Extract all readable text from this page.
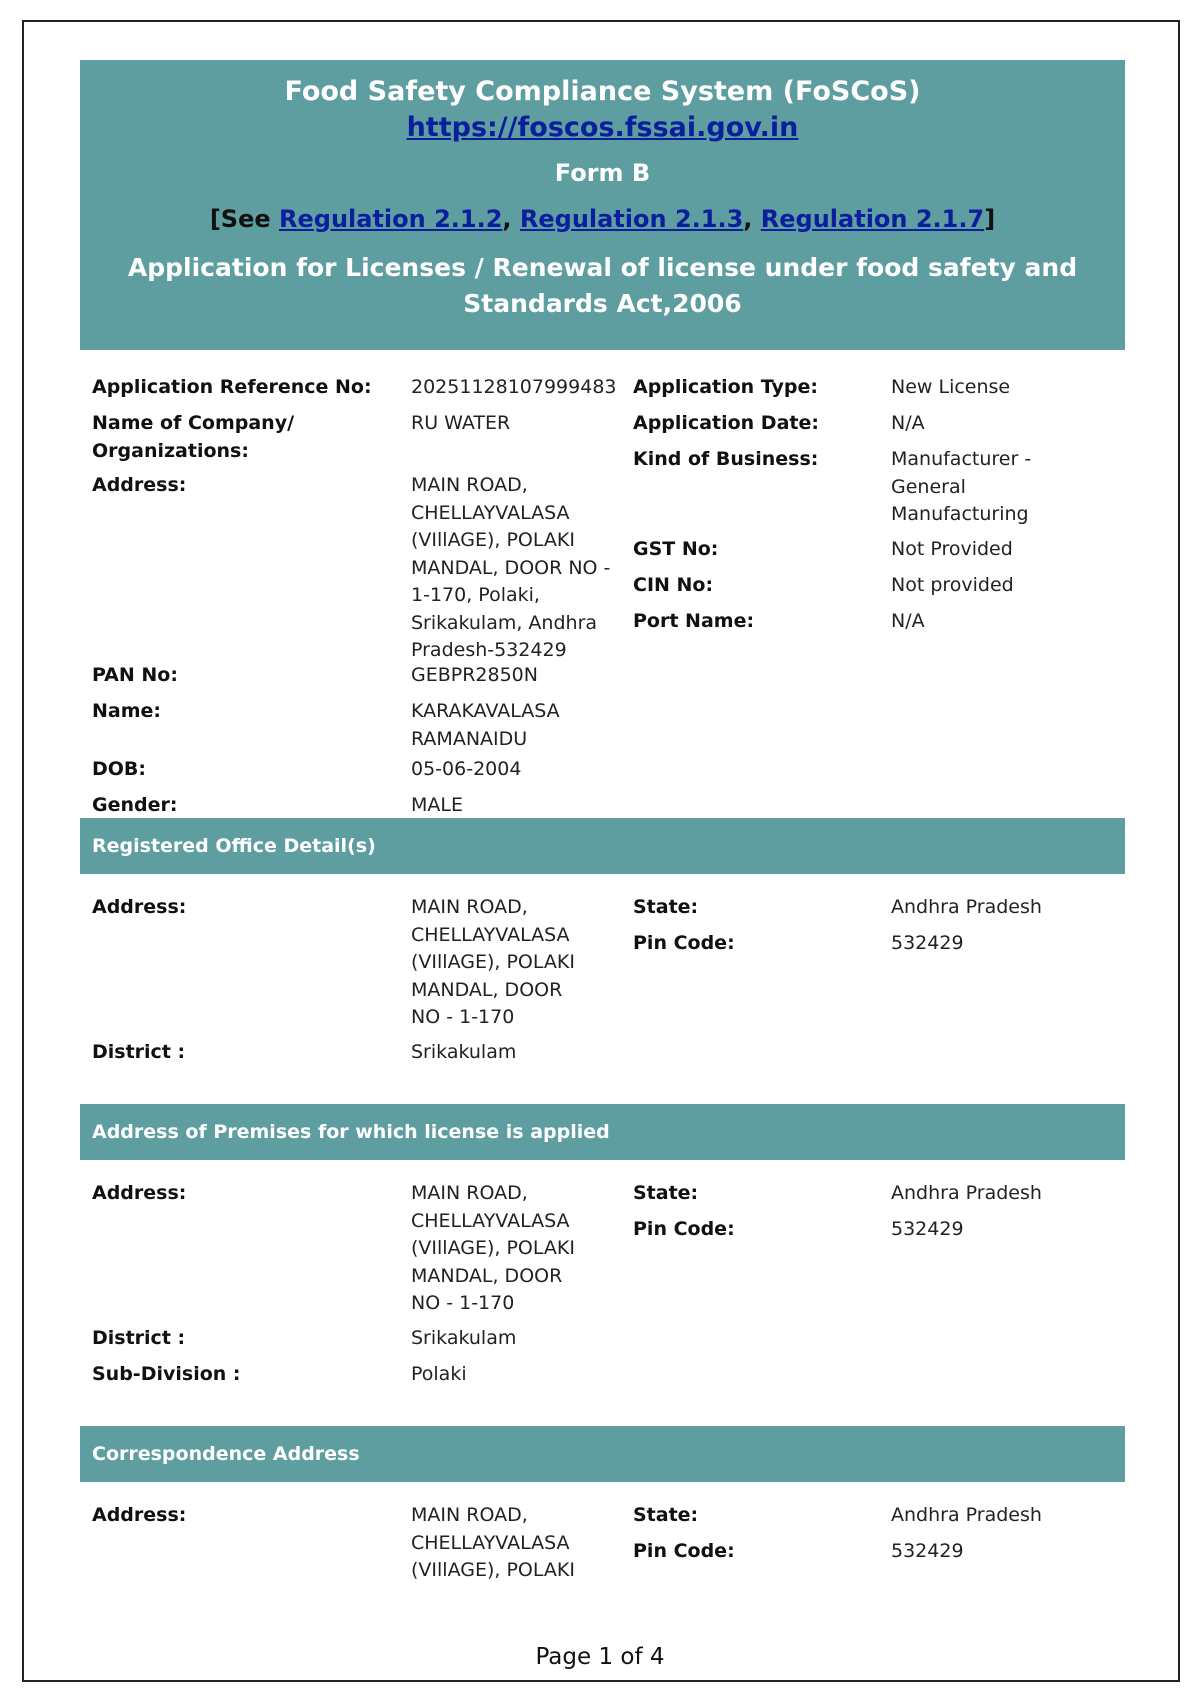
Food Safety Compliance System (FoSCoS)
https://foscos.fssai.gov.in
Form B
[See Regulation 2.1.2, Regulation 2.1.3, Regulation 2.1.7]
Application for Licenses / Renewal of license under food safety and Standards Act,2006
Application Reference No:	20251128107999483
Name of Company/ Organizations:
RU WATER
Address:	MAIN ROAD, CHELLAYVALASA (VIllAGE), POLAKI MANDAL, DOOR NO - 1-170, Polaki, Srikakulam, Andhra Pradesh-532429
PAN No:	GEBPR2850N
Name:	KARAKAVALASA RAMANAIDU
DOB:	05-06-2004
Gender:	MALE
Application Type:	New License
Application Date:	N/A
Kind of Business:	Manufacturer - General Manufacturing
GST No:	Not Provided
CIN No:	Not provided
Port Name:	N/A
Registered Office Detail(s)
Address:	MAIN ROAD, CHELLAYVALASA (VIllAGE), POLAKI MANDAL, DOOR NO - 1-170
District :	Srikakulam
State:	Andhra Pradesh
Pin Code:	532429
Address of Premises for which license is applied
Address:	MAIN ROAD, CHELLAYVALASA (VIllAGE), POLAKI MANDAL, DOOR NO - 1-170
District :	Srikakulam
Sub-Division :	Polaki
State:	Andhra Pradesh
Pin Code:	532429
Correspondence Address
Address:	MAIN ROAD, CHELLAYVALASA (VIllAGE), POLAKI
State:	Andhra Pradesh
Pin Code:	532429
Page 1 of 4
